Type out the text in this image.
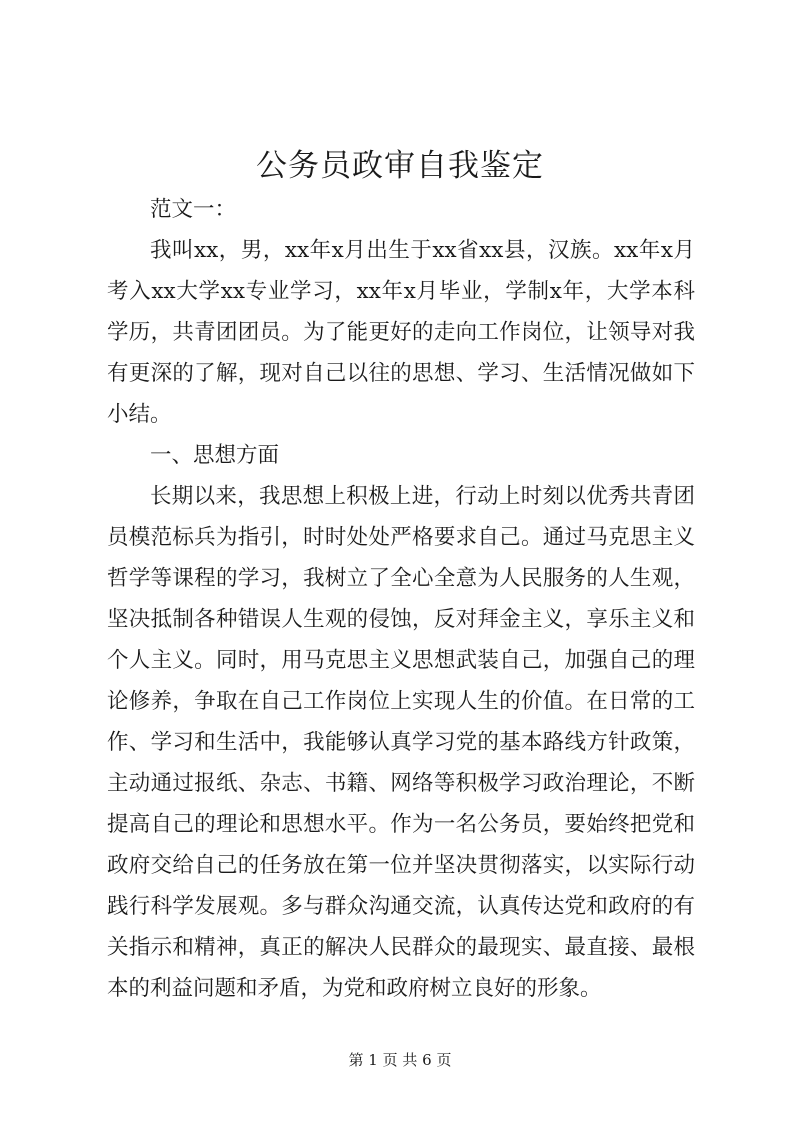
公务员政审自我鉴定

范文一：

我叫xx，男，xx年x月出生于xx省xx县，汉族。xx年x月考入xx大学xx专业学习，xx年x月毕业，学制x年，大学本科学历，共青团团员。为了能更好的走向工作岗位，让领导对我有更深的了解，现对自己以往的思想、学习、生活情况做如下小结。

一、思想方面

长期以来，我思想上积极上进，行动上时刻以优秀共青团员模范标兵为指引，时时处处严格要求自己。通过马克思主义哲学等课程的学习，我树立了全心全意为人民服务的人生观，坚决抵制各种错误人生观的侵蚀，反对拜金主义，享乐主义和个人主义。同时，用马克思主义思想武装自己，加强自己的理论修养，争取在自己工作岗位上实现人生的价值。在日常的工作、学习和生活中，我能够认真学习党的基本路线方针政策，主动通过报纸、杂志、书籍、网络等积极学习政治理论，不断提高自己的理论和思想水平。作为一名公务员，要始终把党和政府交给自己的任务放在第一位并坚决贯彻落实，以实际行动践行科学发展观。多与群众沟通交流，认真传达党和政府的有关指示和精神，真正的解决人民群众的最现实、最直接、最根本的利益问题和矛盾，为党和政府树立良好的形象。

第 1 页 共 6 页
